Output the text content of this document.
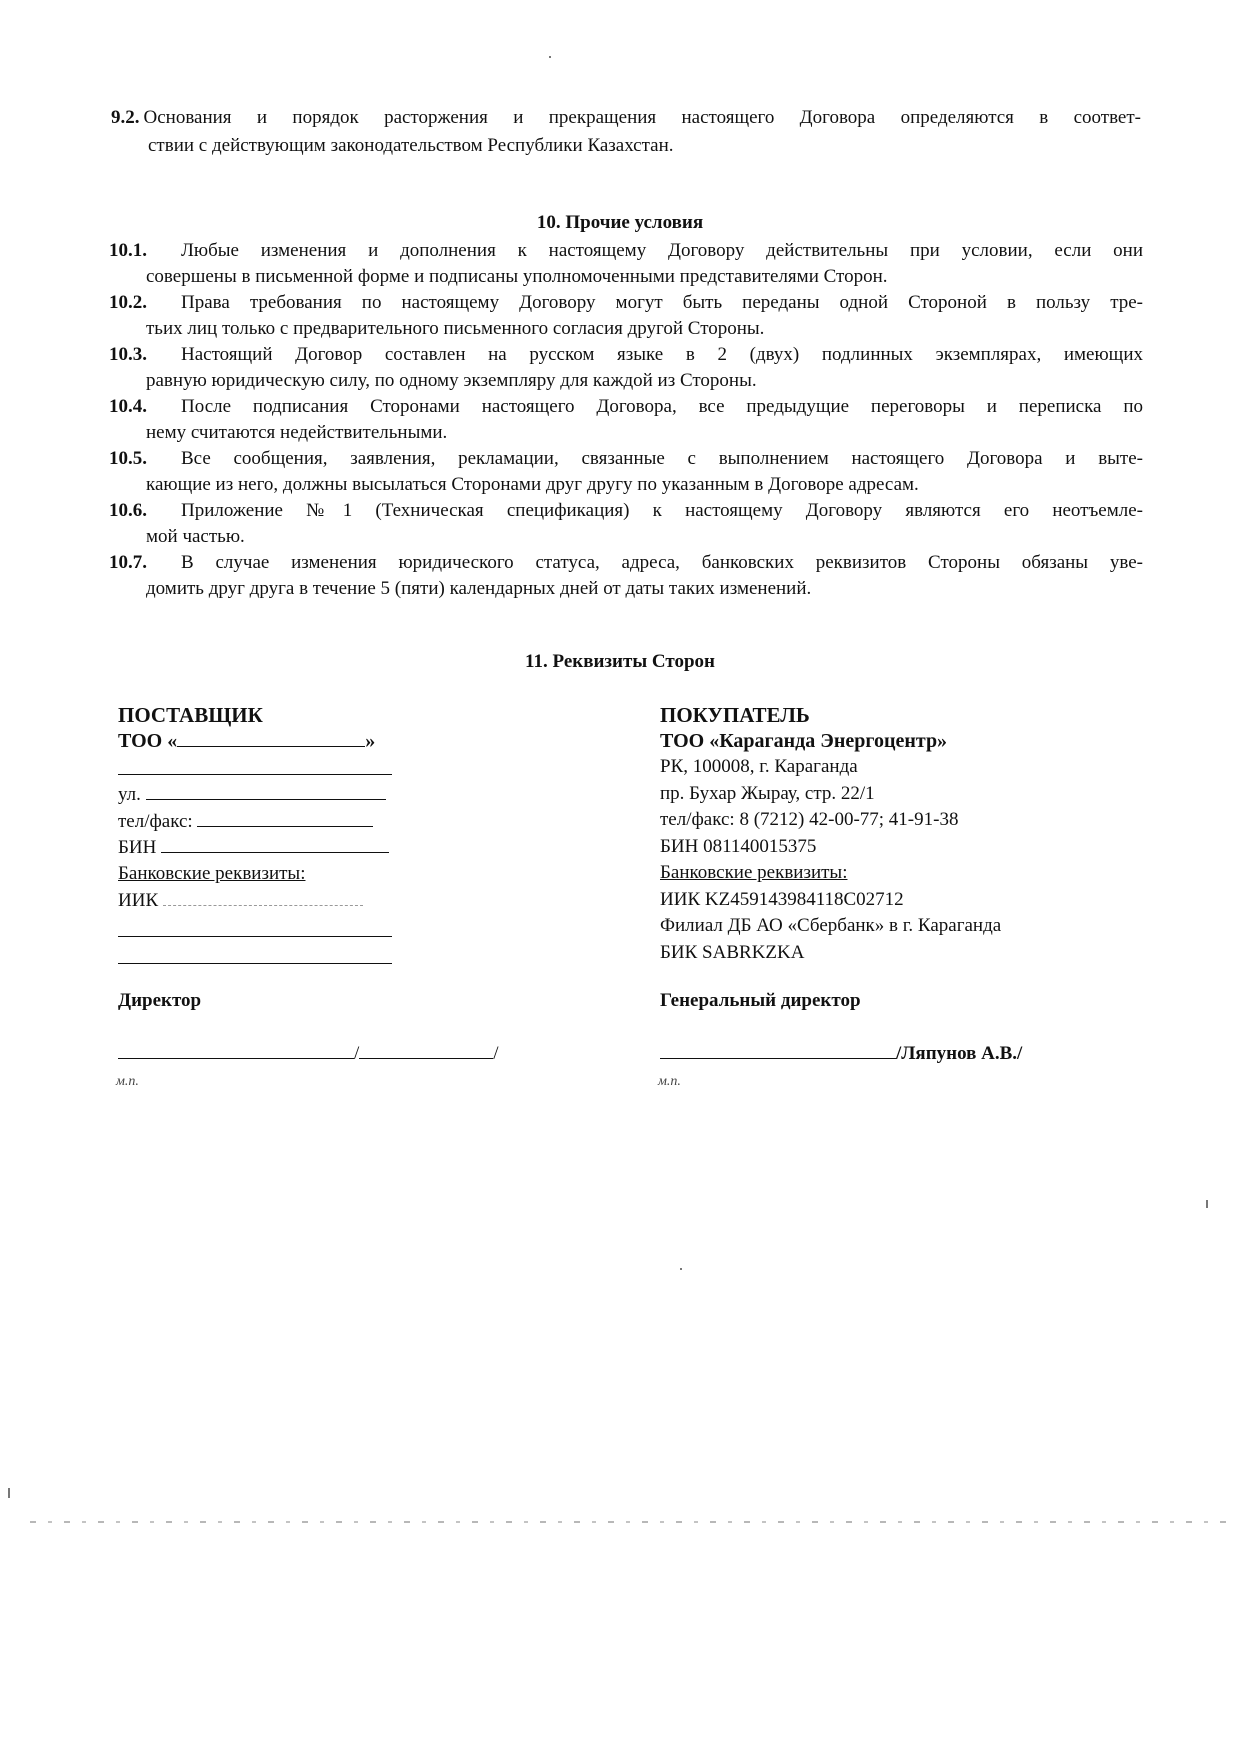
9.2. Основания и порядок расторжения и прекращения настоящего Договора определяются в соответ-
ствии с действующим законодательством Республики Казахстан.
10. Прочие условия
10.1.	Любые изменения и дополнения к настоящему Договору действительны при условии, если они
совершены в письменной форме и подписаны уполномоченными представителями Сторон.
10.2.	Права требования по настоящему Договору могут быть переданы одной Стороной в пользу тре-
тьих лиц только с предварительного письменного согласия другой Стороны.
10.3.	Настоящий Договор составлен на русском языке в 2 (двух) подлинных экземплярах, имеющих
равную юридическую силу, по одному экземпляру для каждой из Стороны.
10.4.	После подписания Сторонами настоящего Договора, все предыдущие переговоры и переписка по
нему считаются недействительными.
10.5.	Все сообщения, заявления, рекламации, связанные с выполнением настоящего Договора и выте-
кающие из него, должны высылаться Сторонами друг другу по указанным в Договоре адресам.
10.6.	Приложение №1 (Техническая спецификация) к настоящему Договору являются его неотъемле-
мой частью.
10.7.	В случае изменения юридического статуса, адреса, банковских реквизитов Стороны обязаны уве-
домить друг друга в течение 5 (пяти) календарных дней от даты таких изменений.
11. Реквизиты Сторон
ПОСТАВЩИК
ТОО «	»
ул.
тел/факс:
БИН
Банковские реквизиты:
ИИК
ПОКУПАТЕЛЬ
ТОО «Караганда Энергоцентр»
РК, 100008, г. Караганда
пр. Бухар Жырау, стр. 22/1
тел/факс: 8 (7212) 42-00-77; 41-91-38
БИН 081140015375
Банковские реквизиты:
ИИК KZ459143984118C02712
Филиал ДБ АО «Сбербанк» в г. Караганда
БИК SABRKZKA
Директор	Генеральный директор
/	/	/Ляпунов А.В./
м.п.	м.п.
